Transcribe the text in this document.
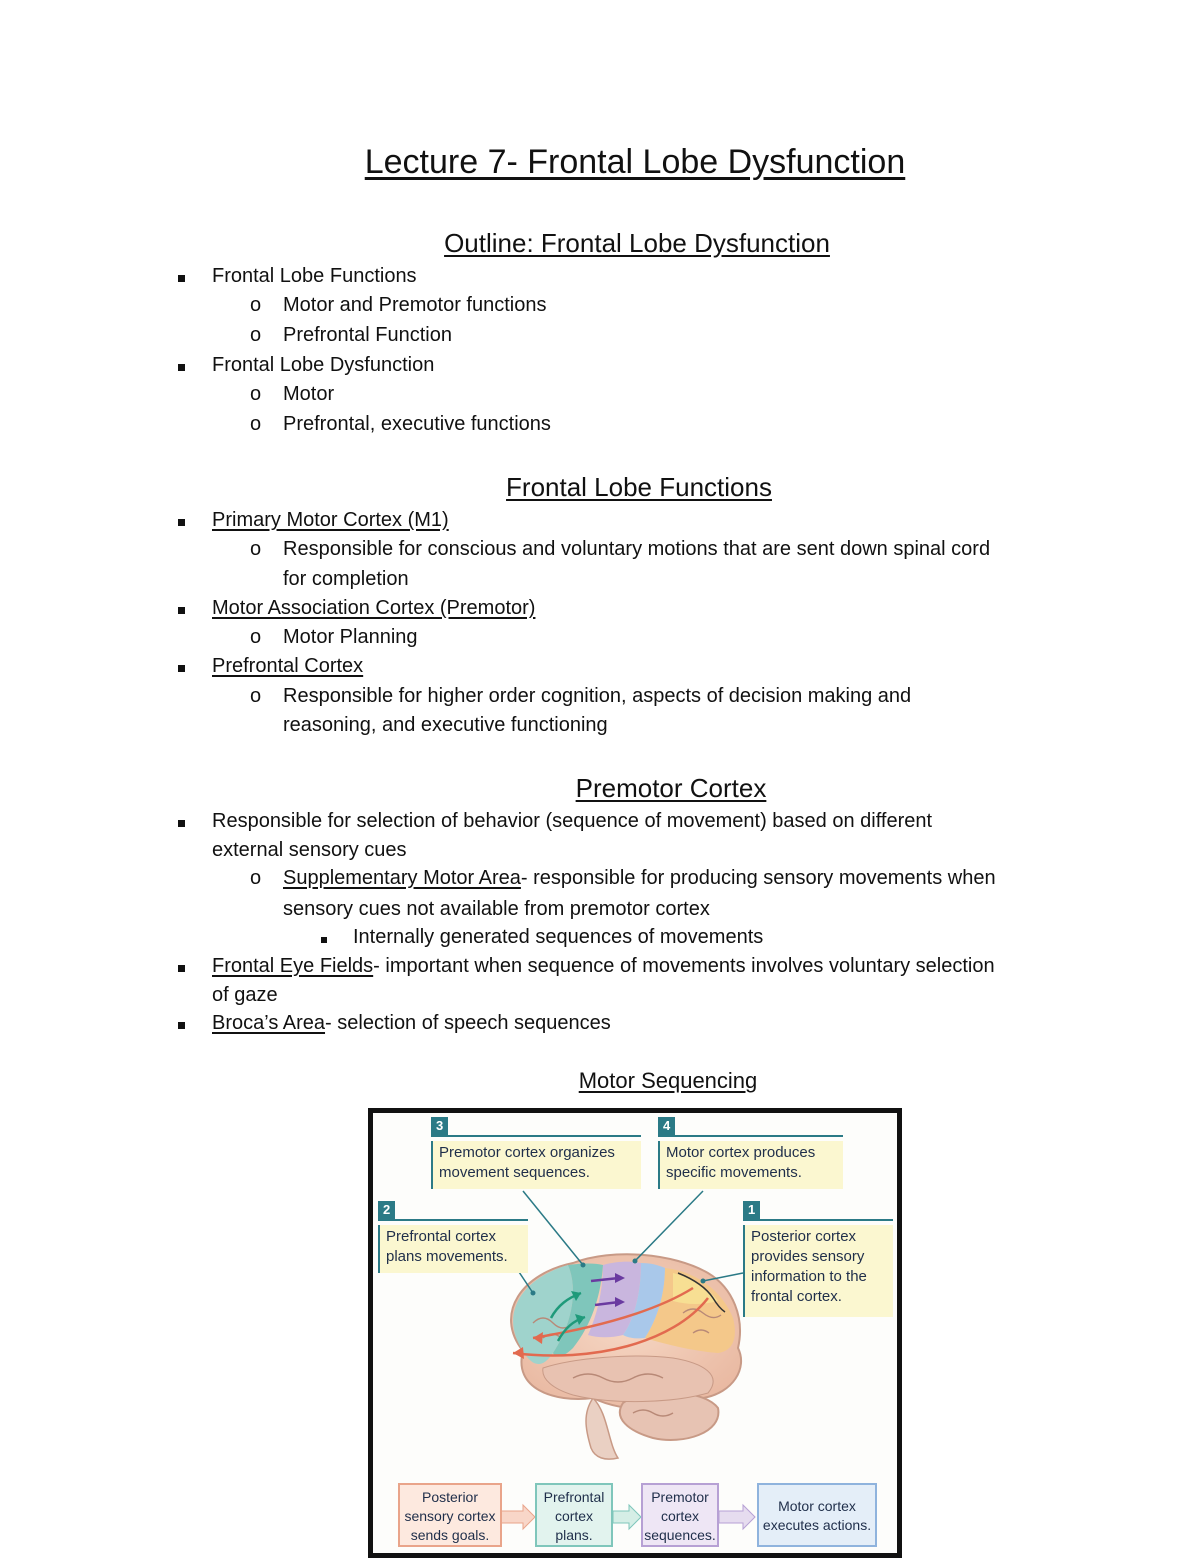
Lecture 7- Frontal Lobe Dysfunction
Outline: Frontal Lobe Dysfunction
Frontal Lobe Functions
o Motor and Premotor functions
o Prefrontal Function
Frontal Lobe Dysfunction
o Motor
o Prefrontal, executive functions
Frontal Lobe Functions
Primary Motor Cortex (M1)
o Responsible for conscious and voluntary motions that are sent down spinal cord
for completion
Motor Association Cortex (Premotor)
o Motor Planning
Prefrontal Cortex
o Responsible for higher order cognition, aspects of decision making and
reasoning, and executive functioning
Premotor Cortex
Responsible for selection of behavior (sequence of movement) based on different
external sensory cues
o Supplementary Motor Area- responsible for producing sensory movements when
sensory cues not available from premotor cortex
Internally generated sequences of movements
Frontal Eye Fields- important when sequence of movements involves voluntary selection
of gaze
Broca’s Area- selection of speech sequences
Motor Sequencing
3
Premotor cortex organizes
movement sequences.
4
Motor cortex produces
specific movements.
2
Prefrontal cortex
plans movements.
1
Posterior cortex
provides sensory
information to the
frontal cortex.
Posterior
sensory cortex
sends goals.
Prefrontal
cortex
plans.
Premotor
cortex
sequences.
Motor cortex
executes actions.
